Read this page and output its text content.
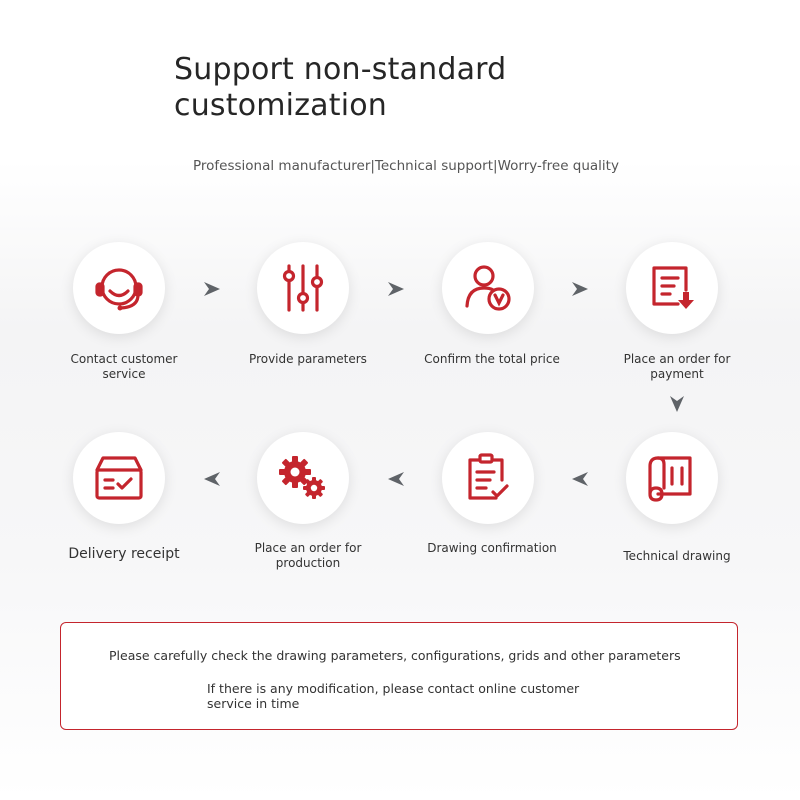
Support non-standard customization
Professional manufacturer|Technical support|Worry-free quality
Contact customer service
Provide parameters	Confirm the total price	Place an order for payment
Technical drawing
Drawing confirmation
Place an order for production
Delivery receipt
Please carefully check the drawing parameters, configurations, grids and other parameters
If there is any modification, please contact online customer service in time
